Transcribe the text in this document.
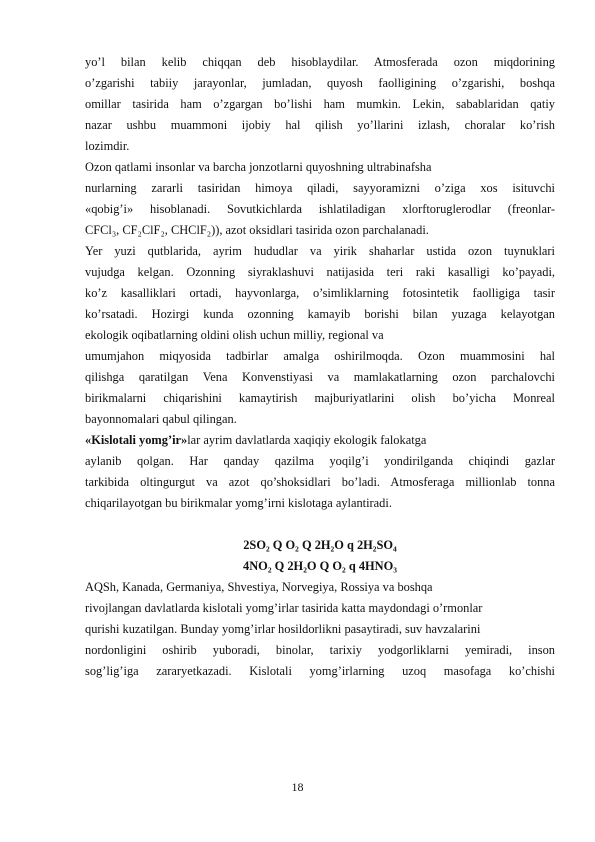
yo’l bilan kelib chiqqan deb hisoblaydilar. Atmosferada ozon miqdorining
o’zgarishi tabiiy jarayonlar, jumladan, quyosh faolligining o’zgarishi, boshqa
omillar tasirida ham o’zgargan bo’lishi ham mumkin. Lekin, sabablaridan qatiy
nazar ushbu muammoni ijobiy hal qilish yo’llarini izlash, choralar ko’rish
lozimdir.
Ozon qatlami insonlar va barcha jonzotlarni quyoshning ultrabinafsha
nurlarning zararli tasiridan himoya qiladi, sayyoramizni o’ziga xos isituvchi
«qobig’i» hisoblanadi. Sovutkichlarda ishlatiladigan xlorftoruglerodlar (freonlar-
CFCl₃, CF₂ClF₂, CHClF₂)), azot oksidlari tasirida ozon parchalanadi.
Yer yuzi qutblarida, ayrim hududlar va yirik shaharlar ustida ozon tuynuklari
vujudga kelgan. Ozonning siyraklashuvi natijasida teri raki kasalligi ko’payadi,
ko’z kasalliklari ortadi, hayvonlarga, o’simliklarning fotosintetik faolligiga tasir
ko’rsatadi. Hozirgi kunda ozonning kamayib borishi bilan yuzaga kelayotgan
ekologik oqibatlarning oldini olish uchun milliy, regional va
umumjahon miqyosida tadbirlar amalga oshirilmoqda. Ozon muammosini hal
qilishga qaratilgan Vena Konvenstiyasi va mamlakatlarning ozon parchalovchi
birikmalarni chiqarishini kamaytirish majburiyatlarini olish bo’yicha Monreal
bayonnomalari qabul qilingan.
«Kislotali yomg’ir»lar ayrim davlatlarda xaqiqiy ekologik falokatga
aylanib qolgan. Har qanday qazilma yoqilg’i yondirilganda chiqindi gazlar
tarkibida oltingurgut va azot qo’shoksidlari bo’ladi. Atmosferaga millionlab tonna
chiqarilayotgan bu birikmalar yomg’irni kislotaga aylantiradi.
2SO₂ Q O₂ Q 2H₂O q 2H₂SO₄
4NO₂ Q 2H₂O Q O₂ q 4HNO₃
AQSh, Kanada, Germaniya, Shvestiya, Norvegiya, Rossiya va boshqa
rivojlangan davlatlarda kislotali yomg’irlar tasirida katta maydondagi o’rmonlar
qurishi kuzatilgan. Bunday yomg’irlar hosildorlikni pasaytiradi, suv havzalarini
nordonligini oshirib yuboradi, binolar, tarixiy yodgorliklarni yemiradi, inson
sog’lig’iga zararyetkazadi. Kislotali yomg’irlarning uzoq masofaga ko’chishi
18
